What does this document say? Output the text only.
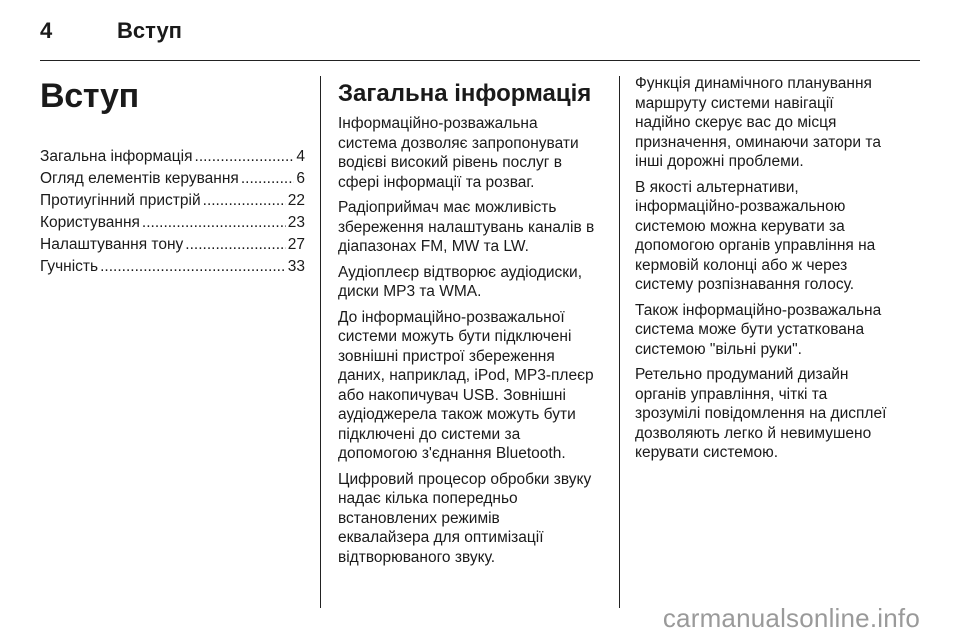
4	Вступ
Вступ
Загальна інформація .....	4
Огляд елементів керування .....	6
Протиугінний пристрій .....	22
Користування .....	23
Налаштування тону .....	27
Гучність .....	33
Загальна інформація

Інформаційно-розважальна
система дозволяє запропонувати
водієві високий рівень послуг в
сфері інформації та розваг.

Радіоприймач має можливість
збереження налаштувань каналів в
діапазонах FM, MW та LW.

Аудіоплеєр відтворює аудіодиски,
диски MP3 та WMA.

До інформаційно-розважальної
системи можуть бути підключені
зовнішні пристрої збереження
даних, наприклад, iPod, MP3-плеєр
або накопичувач USB. Зовнішні
аудіоджерела також можуть бути
підключені до системи за
допомогою з'єднання Bluetooth.

Цифровий процесор обробки звуку
надає кілька попередньо
встановлених режимів
еквалайзера для оптимізації
відтворюваного звуку.

Функція динамічного планування
маршруту системи навігації
надійно скерує вас до місця
призначення, оминаючи затори та
інші дорожні проблеми.

В якості альтернативи,
інформаційно-розважальною
системою можна керувати за
допомогою органів управління на
кермовій колонці або ж через
систему розпізнавання голосу.

Також інформаційно-розважальна
система може бути устаткована
системою "вільні руки".

Ретельно продуманий дизайн
органів управління, чіткі та
зрозумілі повідомлення на дисплеї
дозволяють легко й невимушено
керувати системою.

carmanualsonline.info
